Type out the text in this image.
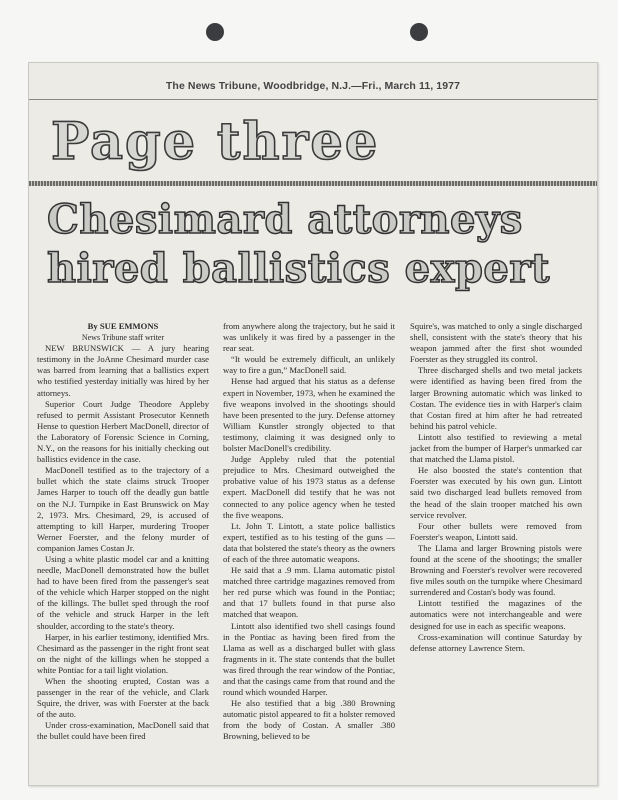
The News Tribune, Woodbridge, N.J.—Fri., March 11, 1977
Page three
Chesimard attorneys
hired ballistics expert

By SUE EMMONS

News Tribune staff writer

NEW BRUNSWICK — A jury hearing testimony in the JoAnne Chesimard murder case was barred from learning that a ballistics expert who testified yesterday initially was hired by her attorneys.

Superior Court Judge Theodore Appleby refused to permit Assistant Prosecutor Kenneth Hense to question Herbert MacDonell, director of the Laboratory of Forensic Science in Corning, N.Y., on the reasons for his initially checking out ballistics evidence in the case.

MacDonell testified as to the trajectory of a bullet which the state claims struck Trooper James Harper to touch off the deadly gun battle on the N.J. Turnpike in East Brunswick on May 2, 1973. Mrs. Chesimard, 29, is accused of attempting to kill Harper, murdering Trooper Werner Foerster, and the felony murder of companion James Costan Jr.

Using a white plastic model car and a knitting needle, MacDonell demonstrated how the bullet had to have been fired from the passenger's seat of the vehicle which Harper stopped on the night of the killings. The bullet sped through the roof of the vehicle and struck Harper in the left shoulder, according to the state's theory.

Harper, in his earlier testimony, identified Mrs. Chesimard as the passenger in the right front seat on the night of the killings when he stopped a white Pontiac for a tail light violation.

When the shooting erupted, Costan was a passenger in the rear of the vehicle, and Clark Squire, the driver, was with Foerster at the back of the auto.

Under cross-examination, MacDonell said that the bullet could have been fired

from anywhere along the trajectory, but he said it was unlikely it was fired by a passenger in the rear seat.

“It would be extremely difficult, an unlikely way to fire a gun,” MacDonell said.

Hense had argued that his status as a defense expert in November, 1973, when he examined the five weapons involved in the shootings should have been presented to the jury. Defense attorney William Kunstler strongly objected to that testimony, claiming it was designed only to bolster MacDonell's credibility.

Judge Appleby ruled that the potential prejudice to Mrs. Chesimard outweighed the probative value of his 1973 status as a defense expert. MacDonell did testify that he was not connected to any police agency when he tested the five weapons.

Lt. John T. Lintott, a state police ballistics expert, testified as to his testing of the guns — data that bolstered the state's theory as the owners of each of the three automatic weapons.

He said that a .9 mm. Llama automatic pistol matched three cartridge magazines removed from her red purse which was found in the Pontiac; and that 17 bullets found in that purse also matched that weapon.

Lintott also identified two shell casings found in the Pontiac as having been fired from the Llama as well as a discharged bullet with glass fragments in it. The state contends that the bullet was fired through the rear window of the Pontiac, and that the casings came from that round and the round which wounded Harper.

He also testified that a big .380 Browning automatic pistol appeared to fit a holster removed from the body of Costan. A smaller .380 Browning, believed to be

Squire's, was matched to only a single discharged shell, consistent with the state's theory that his weapon jammed after the first shot wounded Foerster as they struggled its control.

Three discharged shells and two metal jackets were identified as having been fired from the larger Browning automatic which was linked to Costan. The evidence ties in with Harper's claim that Costan fired at him after he had retreated behind his patrol vehicle.

Lintott also testified to reviewing a metal jacket from the bumper of Harper's unmarked car that matched the Llama pistol.

He also boosted the state's contention that Foerster was executed by his own gun. Lintott said two discharged lead bullets removed from the head of the slain trooper matched his own service revolver.

Four other bullets were removed from Foerster's weapon, Lintott said.

The Llama and larger Browning pistols were found at the scene of the shootings; the smaller Browning and Foerster's revolver were recovered five miles south on the turnpike where Chesimard surrendered and Costan's body was found.

Lintott testified the magazines of the automatics were not interchangeable and were designed for use in each as specific weapons.

Cross-examination will continue Saturday by defense attorney Lawrence Stern.
